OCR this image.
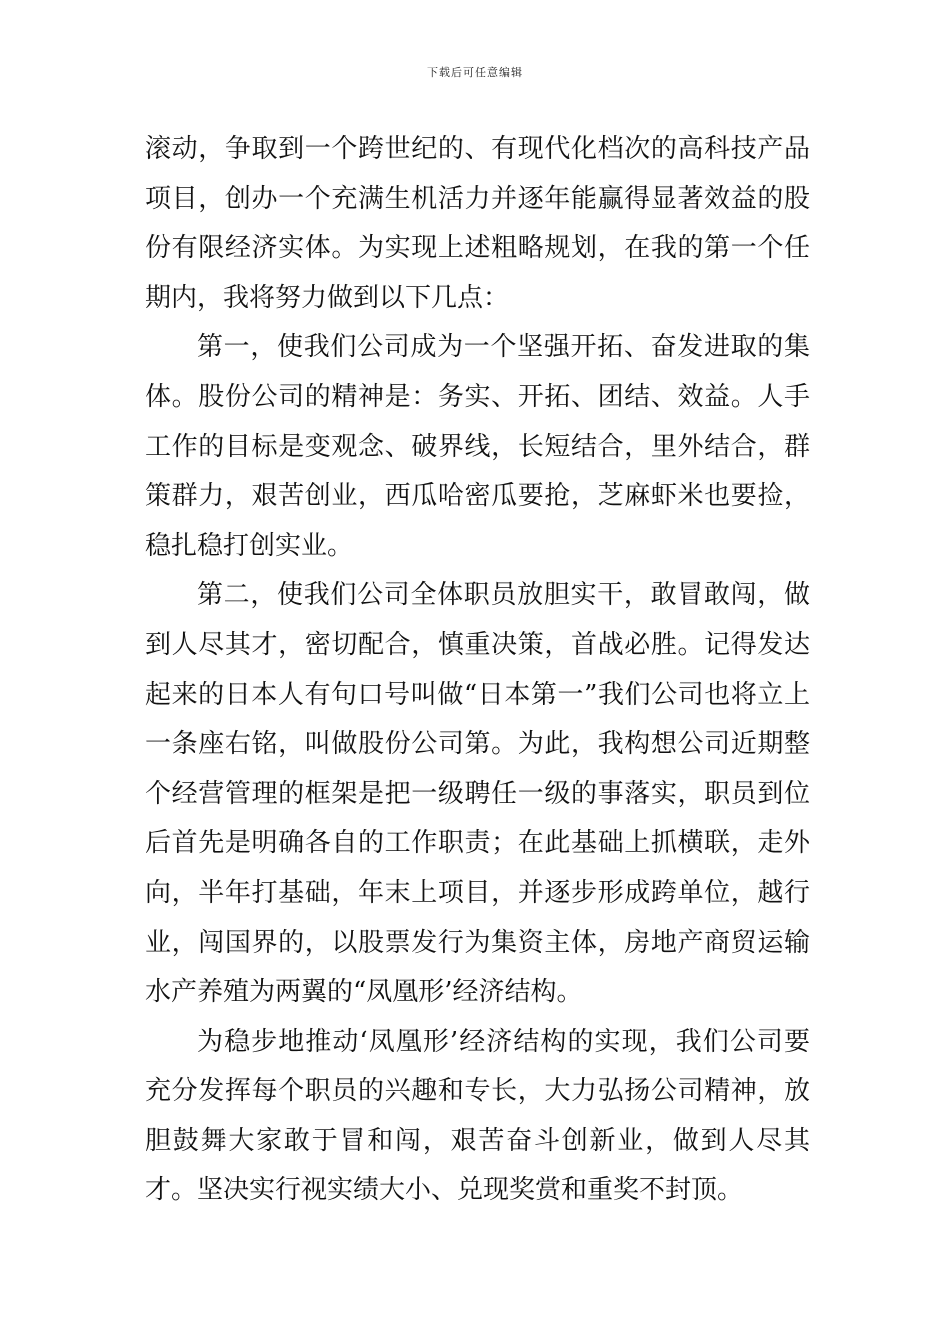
下载后可任意编辑

滚动，争取到一个跨世纪的、有现代化档次的高科技产品项目，创办一个充满生机活力并逐年能赢得显著效益的股份有限经济实体。为实现上述粗略规划，在我的第一个任期内，我将努力做到以下几点：

第一，使我们公司成为一个坚强开拓、奋发进取的集体。股份公司的精神是：务实、开拓、团结、效益。人手工作的目标是变观念、破界线，长短结合，里外结合，群策群力，艰苦创业，西瓜哈密瓜要抢，芝麻虾米也要捡，稳扎稳打创实业。

第二，使我们公司全体职员放胆实干，敢冒敢闯，做到人尽其才，密切配合，慎重决策，首战必胜。记得发达起来的日本人有句口号叫做“日本第一”我们公司也将立上一条座右铭，叫做股份公司第。为此，我构想公司近期整个经营管理的框架是把一级聘任一级的事落实，职员到位后首先是明确各自的工作职责；在此基础上抓横联，走外向，半年打基础，年末上项目，并逐步形成跨单位，越行业，闯国界的，以股票发行为集资主体，房地产商贸运输水产养殖为两翼的“凤凰形’经济结构。

为稳步地推动‘凤凰形’经济结构的实现，我们公司要充分发挥每个职员的兴趣和专长，大力弘扬公司精神，放胆鼓舞大家敢于冒和闯，艰苦奋斗创新业，做到人尽其才。坚决实行视实绩大小、兑现奖赏和重奖不封顶。
